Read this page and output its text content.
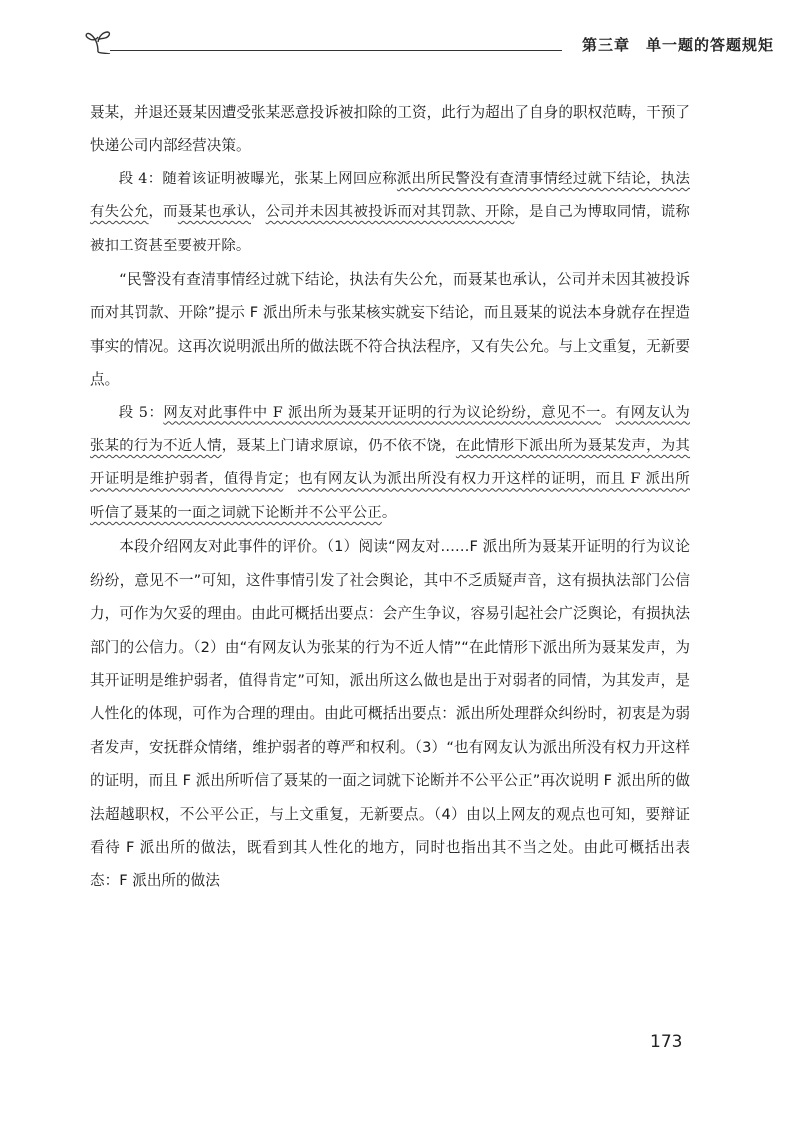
第三章　单一题的答题规矩

聂某，并退还聂某因遭受张某恶意投诉被扣除的工资，此行为超出了自身的职权范畴，干预了快递公司内部经营决策。

段 4：随着该证明被曝光，张某上网回应称派出所民警没有查清事情经过就下结论，执法有失公允，而聂某也承认，公司并未因其被投诉而对其罚款、开除，是自己为博取同情，谎称被扣工资甚至要被开除。

“民警没有查清事情经过就下结论，执法有失公允，而聂某也承认，公司并未因其被投诉而对其罚款、开除”提示 F 派出所未与张某核实就妄下结论，而且聂某的说法本身就存在捏造事实的情况。这再次说明派出所的做法既不符合执法程序，又有失公允。与上文重复，无新要点。

段 5：网友对此事件中 F 派出所为聂某开证明的行为议论纷纷，意见不一。有网友认为张某的行为不近人情，聂某上门请求原谅，仍不依不饶，在此情形下派出所为聂某发声，为其开证明是维护弱者，值得肯定；也有网友认为派出所没有权力开这样的证明，而且 F 派出所听信了聂某的一面之词就下论断并不公平公正。

本段介绍网友对此事件的评价。（1）阅读“网友对……F 派出所为聂某开证明的行为议论纷纷，意见不一”可知，这件事情引发了社会舆论，其中不乏质疑声音，这有损执法部门公信力，可作为欠妥的理由。由此可概括出要点：会产生争议，容易引起社会广泛舆论，有损执法部门的公信力。（2）由“有网友认为张某的行为不近人情”“在此情形下派出所为聂某发声，为其开证明是维护弱者，值得肯定”可知，派出所这么做也是出于对弱者的同情，为其发声，是人性化的体现，可作为合理的理由。由此可概括出要点：派出所处理群众纠纷时，初衷是为弱者发声，安抚群众情绪，维护弱者的尊严和权利。（3）“也有网友认为派出所没有权力开这样的证明，而且 F 派出所听信了聂某的一面之词就下论断并不公平公正”再次说明 F 派出所的做法超越职权，不公平公正，与上文重复，无新要点。（4）由以上网友的观点也可知，要辩证看待 F 派出所的做法，既看到其人性化的地方，同时也指出其不当之处。由此可概括出表态：F 派出所的做法

173
